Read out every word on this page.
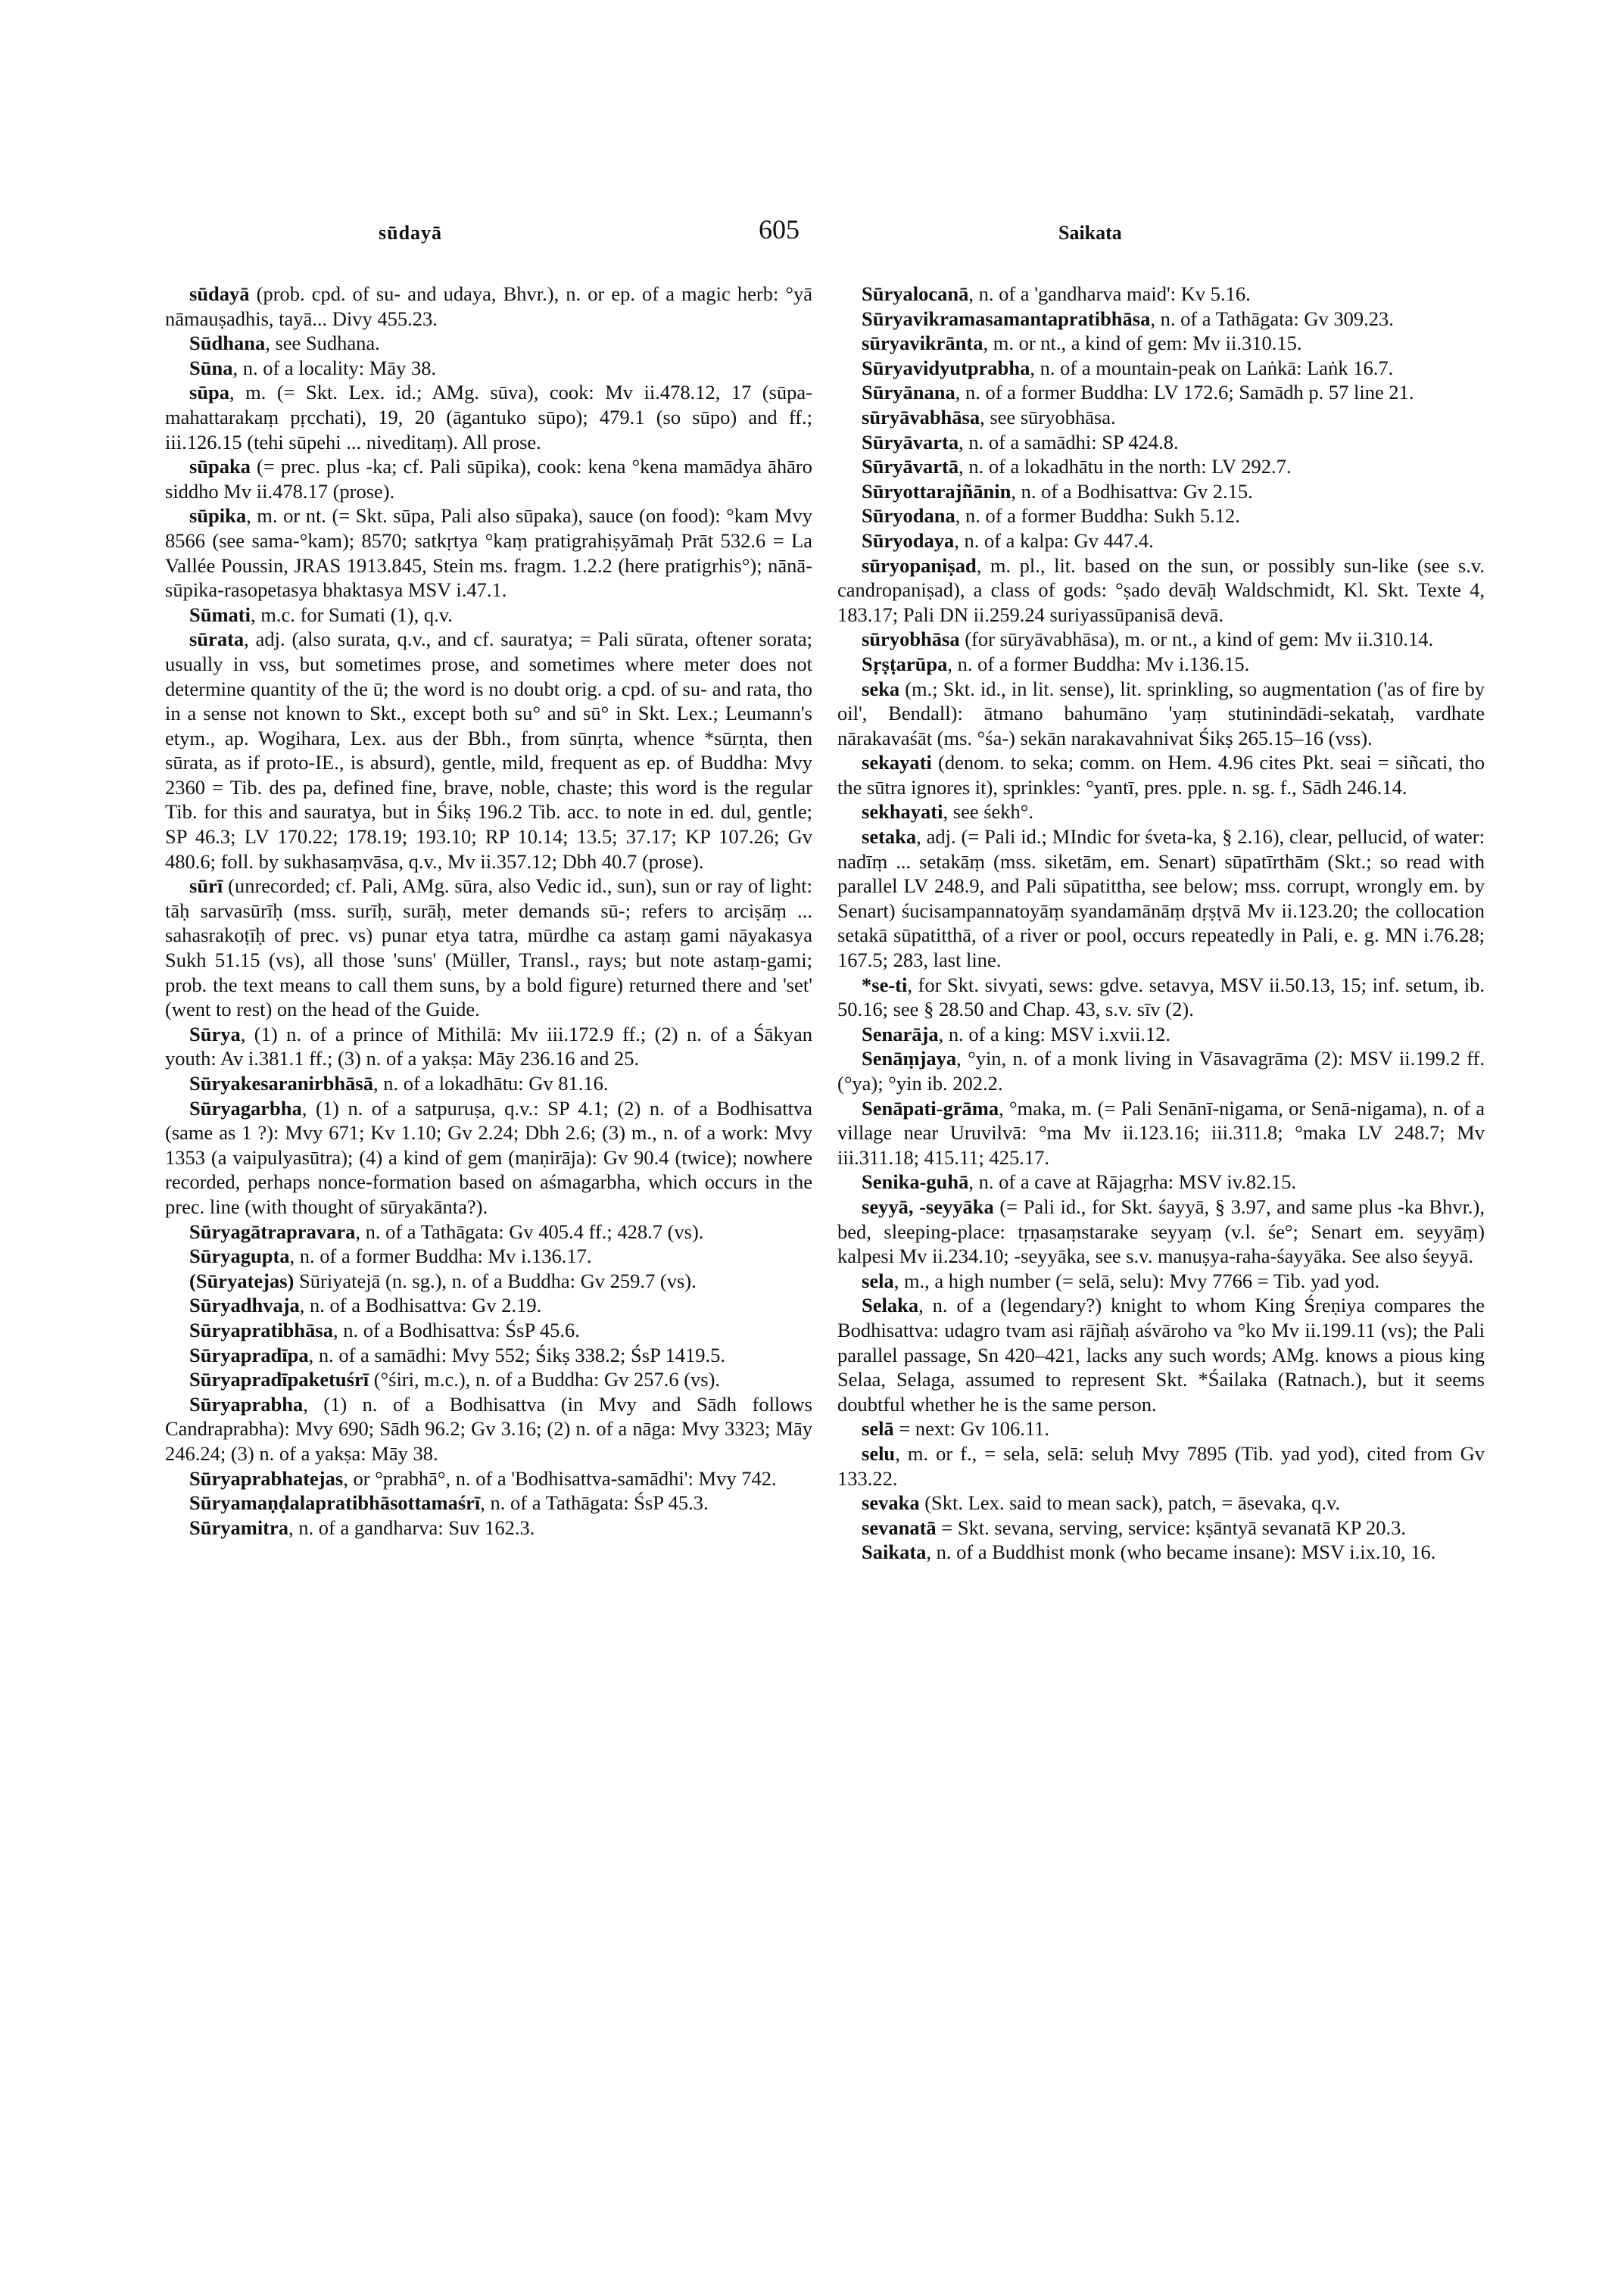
sūdayā	605	Saikata

sūdayā (prob. cpd. of su- and udaya, Bhvr.), n. or ep. of a magic herb: °yā nāmauṣadhis, tayā... Divy 455.23.

Sūdhana, see Sudhana.

Sūna, n. of a locality: Māy 38.

sūpa, m. (= Skt. Lex. id.; AMg. sūva), cook: Mv ii.478.12, 17 (sūpa-mahattarakaṃ pṛcchati), 19, 20 (āgantuko sūpo); 479.1 (so sūpo) and ff.; iii.126.15 (tehi sūpehi ... niveditaṃ). All prose.

sūpaka (= prec. plus -ka; cf. Pali sūpika), cook: kena °kena mamādya āhāro siddho Mv ii.478.17 (prose).

sūpika, m. or nt. (= Skt. sūpa, Pali also sūpaka), sauce (on food): °kam Mvy 8566 (see sama-°kam); 8570; satkṛtya °kaṃ pratigrahiṣyāmaḥ Prāt 532.6 = La Vallée Poussin, JRAS 1913.845, Stein ms. fragm. 1.2.2 (here pratigrhis°); nānā-sūpika-rasopetasya bhaktasya MSV i.47.1.

Sūmati, m.c. for Sumati (1), q.v.

sūrata, adj. (also surata, q.v., and cf. sauratya; = Pali sūrata, oftener sorata; usually in vss, but sometimes prose, and sometimes where meter does not determine quantity of the ū; the word is no doubt orig. a cpd. of su- and rata, tho in a sense not known to Skt., except both su° and sū° in Skt. Lex.; Leumann's etym., ap. Wogihara, Lex. aus der Bbh., from sūnṛta, whence *sūrṇta, then sūrata, as if proto-IE., is absurd), gentle, mild, frequent as ep. of Buddha: Mvy 2360 = Tib. des pa, defined fine, brave, noble, chaste; this word is the regular Tib. for this and sauratya, but in Śikṣ 196.2 Tib. acc. to note in ed. dul, gentle; SP 46.3; LV 170.22; 178.19; 193.10; RP 10.14; 13.5; 37.17; KP 107.26; Gv 480.6; foll. by sukhasaṃvāsa, q.v., Mv ii.357.12; Dbh 40.7 (prose).

sūrī (unrecorded; cf. Pali, AMg. sūra, also Vedic id., sun), sun or ray of light: tāḥ sarvasūrīḥ (mss. surīḥ, surāḥ, meter demands sū-; refers to arciṣāṃ ... sahasrakoṭīḥ of prec. vs) punar etya tatra, mūrdhe ca astaṃ gami nāyakasya Sukh 51.15 (vs), all those 'suns' (Müller, Transl., rays; but note astaṃ-gami; prob. the text means to call them suns, by a bold figure) returned there and 'set' (went to rest) on the head of the Guide.

Sūrya, (1) n. of a prince of Mithilā: Mv iii.172.9 ff.; (2) n. of a Śākyan youth: Av i.381.1 ff.; (3) n. of a yakṣa: Māy 236.16 and 25.

Sūryakesaranirbhāsā, n. of a lokadhātu: Gv 81.16.

Sūryagarbha, (1) n. of a satpuruṣa, q.v.: SP 4.1; (2) n. of a Bodhisattva (same as 1 ?): Mvy 671; Kv 1.10; Gv 2.24; Dbh 2.6; (3) m., n. of a work: Mvy 1353 (a vaipulyasūtra); (4) a kind of gem (maṇirāja): Gv 90.4 (twice); nowhere recorded, perhaps nonce-formation based on aśmagarbha, which occurs in the prec. line (with thought of sūryakānta?).

Sūryagātrapravara, n. of a Tathāgata: Gv 405.4 ff.; 428.7 (vs).

Sūryagupta, n. of a former Buddha: Mv i.136.17.

(Sūryatejas) Sūriyatejā (n. sg.), n. of a Buddha: Gv 259.7 (vs).

Sūryadhvaja, n. of a Bodhisattva: Gv 2.19.

Sūryapratibhāsa, n. of a Bodhisattva: ŚsP 45.6.

Sūryapradīpa, n. of a samādhi: Mvy 552; Śikṣ 338.2; ŚsP 1419.5.

Sūryapradīpaketuśrī (°śiri, m.c.), n. of a Buddha: Gv 257.6 (vs).

Sūryaprabha, (1) n. of a Bodhisattva (in Mvy and Sādh follows Candraprabha): Mvy 690; Sādh 96.2; Gv 3.16; (2) n. of a nāga: Mvy 3323; Māy 246.24; (3) n. of a yakṣa: Māy 38.

Sūryaprabhatejas, or °prabhā°, n. of a 'Bodhisattva-samādhi': Mvy 742.

Sūryamaṇḍalapratibhāsottamaśrī, n. of a Tathāgata: ŚsP 45.3.

Sūryamitra, n. of a gandharva: Suv 162.3.

Sūryalocanā, n. of a 'gandharva maid': Kv 5.16.

Sūryavikramasamantapratibhāsa, n. of a Tathāgata: Gv 309.23.

sūryavikrānta, m. or nt., a kind of gem: Mv ii.310.15.

Sūryavidyutprabha, n. of a mountain-peak on Laṅkā: Laṅk 16.7.

Sūryānana, n. of a former Buddha: LV 172.6; Samādh p. 57 line 21.

sūryāvabhāsa, see sūryobhāsa.

Sūryāvarta, n. of a samādhi: SP 424.8.

Sūryāvartā, n. of a lokadhātu in the north: LV 292.7.

Sūryottarajñānin, n. of a Bodhisattva: Gv 2.15.

Sūryodana, n. of a former Buddha: Sukh 5.12.

Sūryodaya, n. of a kalpa: Gv 447.4.

sūryopaniṣad, m. pl., lit. based on the sun, or possibly sun-like (see s.v. candropaniṣad), a class of gods: °ṣado devāḥ Waldschmidt, Kl. Skt. Texte 4, 183.17; Pali DN ii.259.24 suriyassūpanisā devā.

sūryobhāsa (for sūryāvabhāsa), m. or nt., a kind of gem: Mv ii.310.14.

Sṛṣṭarūpa, n. of a former Buddha: Mv i.136.15.

seka (m.; Skt. id., in lit. sense), lit. sprinkling, so augmentation ('as of fire by oil', Bendall): ātmano bahumāno 'yaṃ stutinindādi-sekataḥ, vardhate nārakavaśāt (ms. °śa-) sekān narakavahnivat Śikṣ 265.15–16 (vss).

sekayati (denom. to seka; comm. on Hem. 4.96 cites Pkt. seai = siñcati, tho the sūtra ignores it), sprinkles: °yantī, pres. pple. n. sg. f., Sādh 246.14.

sekhayati, see śekh°.

setaka, adj. (= Pali id.; MIndic for śveta-ka, § 2.16), clear, pellucid, of water: nadīṃ ... setakāṃ (mss. siketām, em. Senart) sūpatīrthām (Skt.; so read with parallel LV 248.9, and Pali sūpatittha, see below; mss. corrupt, wrongly em. by Senart) śucisampannatoyāṃ syandamānāṃ dṛṣṭvā Mv ii.123.20; the collocation setakā sūpatitthā, of a river or pool, occurs repeatedly in Pali, e. g. MN i.76.28; 167.5; 283, last line.

*se-ti, for Skt. sivyati, sews: gdve. setavya, MSV ii.50.13, 15; inf. setum, ib. 50.16; see § 28.50 and Chap. 43, s.v. sīv (2).

Senarāja, n. of a king: MSV i.xvii.12.

Senāṃjaya, °yin, n. of a monk living in Vāsavagrāma (2): MSV ii.199.2 ff. (°ya); °yin ib. 202.2.

Senāpati-grāma, °maka, m. (= Pali Senānī-nigama, or Senā-nigama), n. of a village near Uruvilvā: °ma Mv ii.123.16; iii.311.8; °maka LV 248.7; Mv iii.311.18; 415.11; 425.17.

Senika-guhā, n. of a cave at Rājagṛha: MSV iv.82.15.

seyyā, -seyyāka (= Pali id., for Skt. śayyā, § 3.97, and same plus -ka Bhvr.), bed, sleeping-place: tṛṇasaṃstarake seyyaṃ (v.l. śe°; Senart em. seyyāṃ) kalpesi Mv ii.234.10; -seyyāka, see s.v. manuṣya-raha-śayyāka. See also śeyyā.

sela, m., a high number (= selā, selu): Mvy 7766 = Tib. yad yod.

Selaka, n. of a (legendary?) knight to whom King Śreṇiya compares the Bodhisattva: udagro tvam asi rājñaḥ aśvāroho va °ko Mv ii.199.11 (vs); the Pali parallel passage, Sn 420–421, lacks any such words; AMg. knows a pious king Selaa, Selaga, assumed to represent Skt. *Śailaka (Ratnach.), but it seems doubtful whether he is the same person.

selā = next: Gv 106.11.

selu, m. or f., = sela, selā: seluḥ Mvy 7895 (Tib. yad yod), cited from Gv 133.22.

sevaka (Skt. Lex. said to mean sack), patch, = āsevaka, q.v.

sevanatā = Skt. sevana, serving, service: kṣāntyā sevanatā KP 20.3.

Saikata, n. of a Buddhist monk (who became insane): MSV i.ix.10, 16.
